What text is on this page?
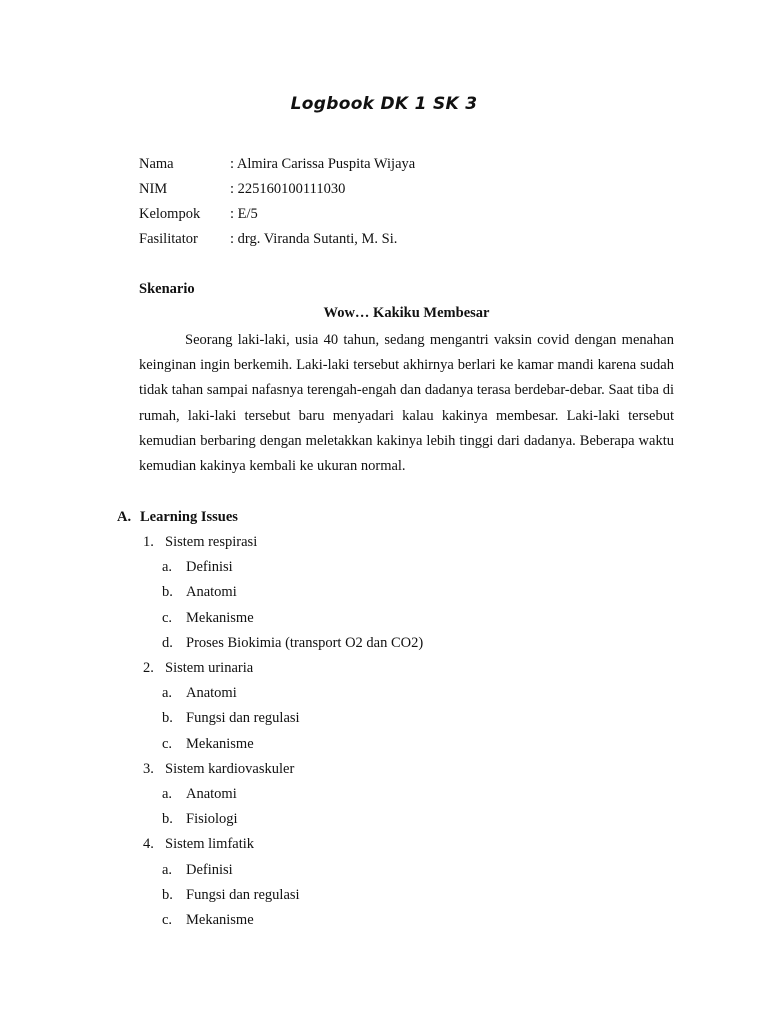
Logbook DK 1 SK 3
Nama	: Almira Carissa Puspita Wijaya
NIM	: 225160100111030
Kelompok	: E/5
Fasilitator	: drg. Viranda Sutanti, M. Si.
Skenario
Wow… Kakiku Membesar

Seorang laki-laki, usia 40 tahun, sedang mengantri vaksin covid dengan menahan keinginan ingin berkemih. Laki-laki tersebut akhirnya berlari ke kamar mandi karena sudah tidak tahan sampai nafasnya terengah-engah dan dadanya terasa berdebar-debar. Saat tiba di rumah, laki-laki tersebut baru menyadari kalau kakinya membesar. Laki-laki tersebut kemudian berbaring dengan meletakkan kakinya lebih tinggi dari dadanya. Beberapa waktu kemudian kakinya kembali ke ukuran normal.

A. Learning Issues
1. Sistem respirasi
a. Definisi
b. Anatomi
c. Mekanisme
d. Proses Biokimia (transport O2 dan CO2)
2. Sistem urinaria
a. Anatomi
b. Fungsi dan regulasi
c. Mekanisme
3. Sistem kardiovaskuler
a. Anatomi
b. Fisiologi
4. Sistem limfatik
a. Definisi
b. Fungsi dan regulasi
c. Mekanisme
